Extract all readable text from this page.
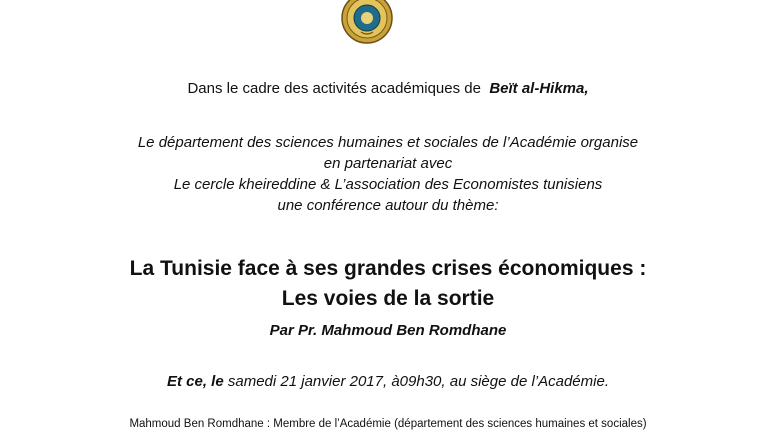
Dans le cadre des activités académiques de Beït al-Hikma,
Le département des sciences humaines et sociales de l’Académie organise
en partenariat avec
Le cercle kheireddine & L’association des Economistes tunisiens
une conférence autour du thème:
La Tunisie face à ses grandes crises économiques :
Les voies de la sortie
Par Pr. Mahmoud Ben Romdhane
Et ce, le samedi 21 janvier 2017, à09h30, au siège de l’Académie.
Mahmoud Ben Romdhane : Membre de l’Académie (département des sciences humaines et sociales)
